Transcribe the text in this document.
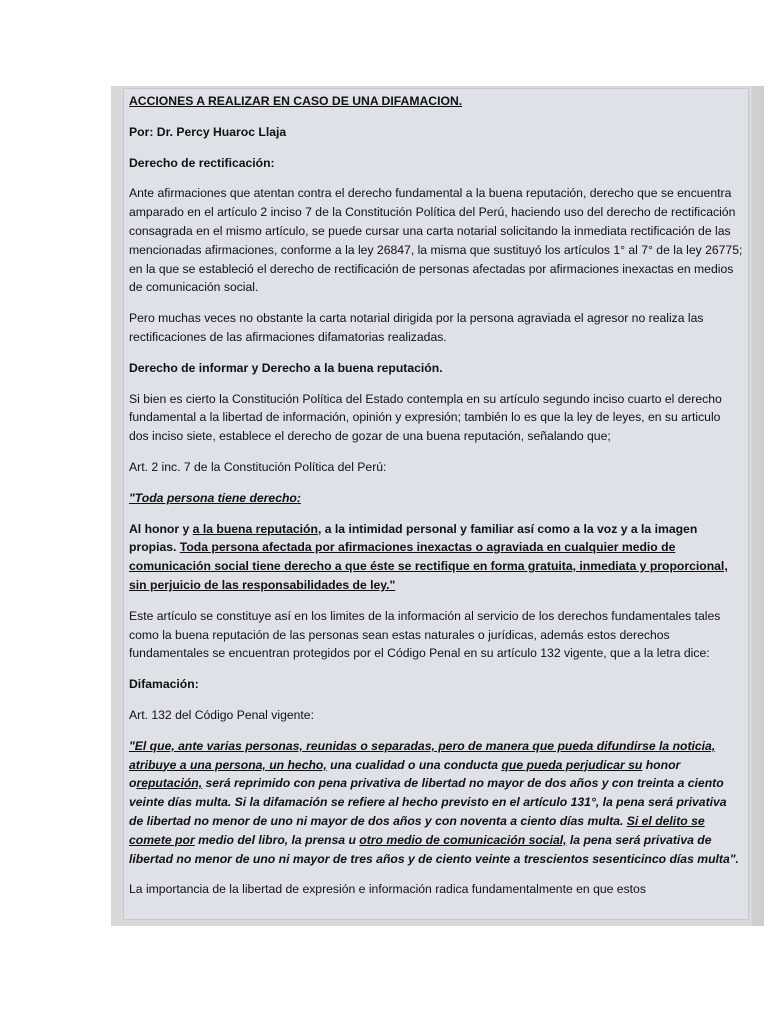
ACCIONES A REALIZAR EN CASO DE UNA DIFAMACION.

Por: Dr. Percy Huaroc Llaja

Derecho de rectificación:

Ante afirmaciones que atentan contra el derecho fundamental a la buena reputación, derecho que se encuentra amparado en el artículo 2 inciso 7 de la Constitución Política del Perú, haciendo uso del derecho de rectificación consagrada en el mismo artículo, se puede cursar una carta notarial solicitando la inmediata rectificación de las mencionadas afirmaciones, conforme a la ley 26847, la misma que sustituyó los artículos 1° al 7° de la ley 26775; en la que se estableció el derecho de rectificación de personas afectadas por afirmaciones inexactas en medios de comunicación social.

Pero muchas veces no obstante la carta notarial dirigida por la persona agraviada el agresor no realiza las rectificaciones de las afirmaciones difamatorias realizadas.

Derecho de informar y Derecho a la buena reputación.

Si bien es cierto la Constitución Política del Estado contempla en su artículo segundo inciso cuarto el derecho fundamental a la libertad de información, opinión y expresión; también lo es que la ley de leyes, en su articulo dos inciso siete, establece el derecho de gozar de una buena reputación, señalando que;

Art. 2 inc. 7 de la Constitución Política del Perú:

"Toda persona tiene derecho:

Al honor y a la buena reputación, a la intimidad personal y familiar así como a la voz y a la imagen propias. Toda persona afectada por afirmaciones inexactas o agraviada en cualquier medio de comunicación social tiene derecho a que éste se rectifique en forma gratuita, inmediata y proporcional, sin perjuicio de las responsabilidades de ley."

Este artículo se constituye así en los limites de la información al servicio de los derechos fundamentales tales como la buena reputación de las personas sean estas naturales o jurídicas, además estos derechos fundamentales se encuentran protegidos por el Código Penal en su artículo 132 vigente, que a la letra dice:

Difamación:

Art. 132 del Código Penal vigente:

"El que, ante varias personas, reunidas o separadas, pero de manera que pueda difundirse la noticia, atribuye a una persona, un hecho, una cualidad o una conducta que pueda perjudicar su honor oreputación, será reprimido con pena privativa de libertad no mayor de dos años y con treinta a ciento veinte días multa. Si la difamación se refiere al hecho previsto en el artículo 131°, la pena será privativa de libertad no menor de uno ni mayor de dos años y con noventa a ciento días multa. Si el delito se comete por medio del libro, la prensa u otro medio de comunicación social, la pena será privativa de libertad no menor de uno ni mayor de tres años y de ciento veinte a trescientos sesenticinco días multa".

La importancia de la libertad de expresión e información radica fundamentalmente en que estos
